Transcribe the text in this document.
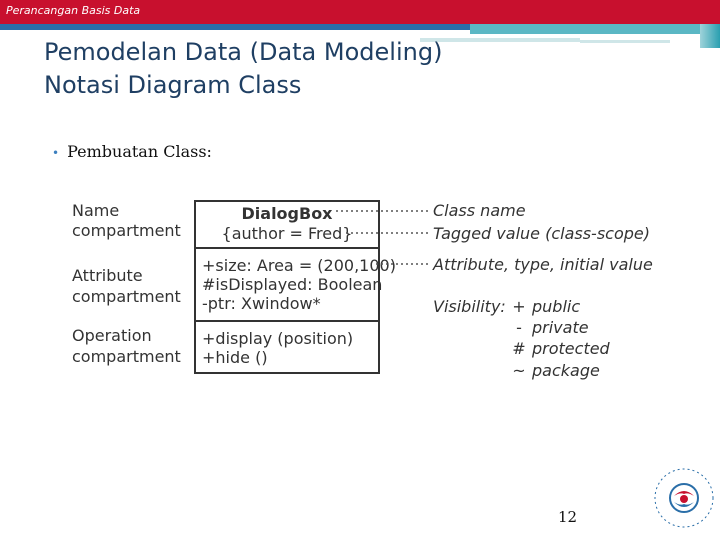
Perancangan Basis Data
Pemodelan Data (Data Modeling)
Notasi Diagram Class
• Pembuatan Class:
Name
compartment
Attribute
compartment
Operation
compartment
DialogBox
{author = Fred}
+size: Area = (200,100)
#isDisplayed: Boolean
-ptr: Xwindow*
+display (position)
+hide ()
Class name
Tagged value (class-scope)
Attribute, type, initial value
Visibility: + public
- private
# protected
~ package
12
